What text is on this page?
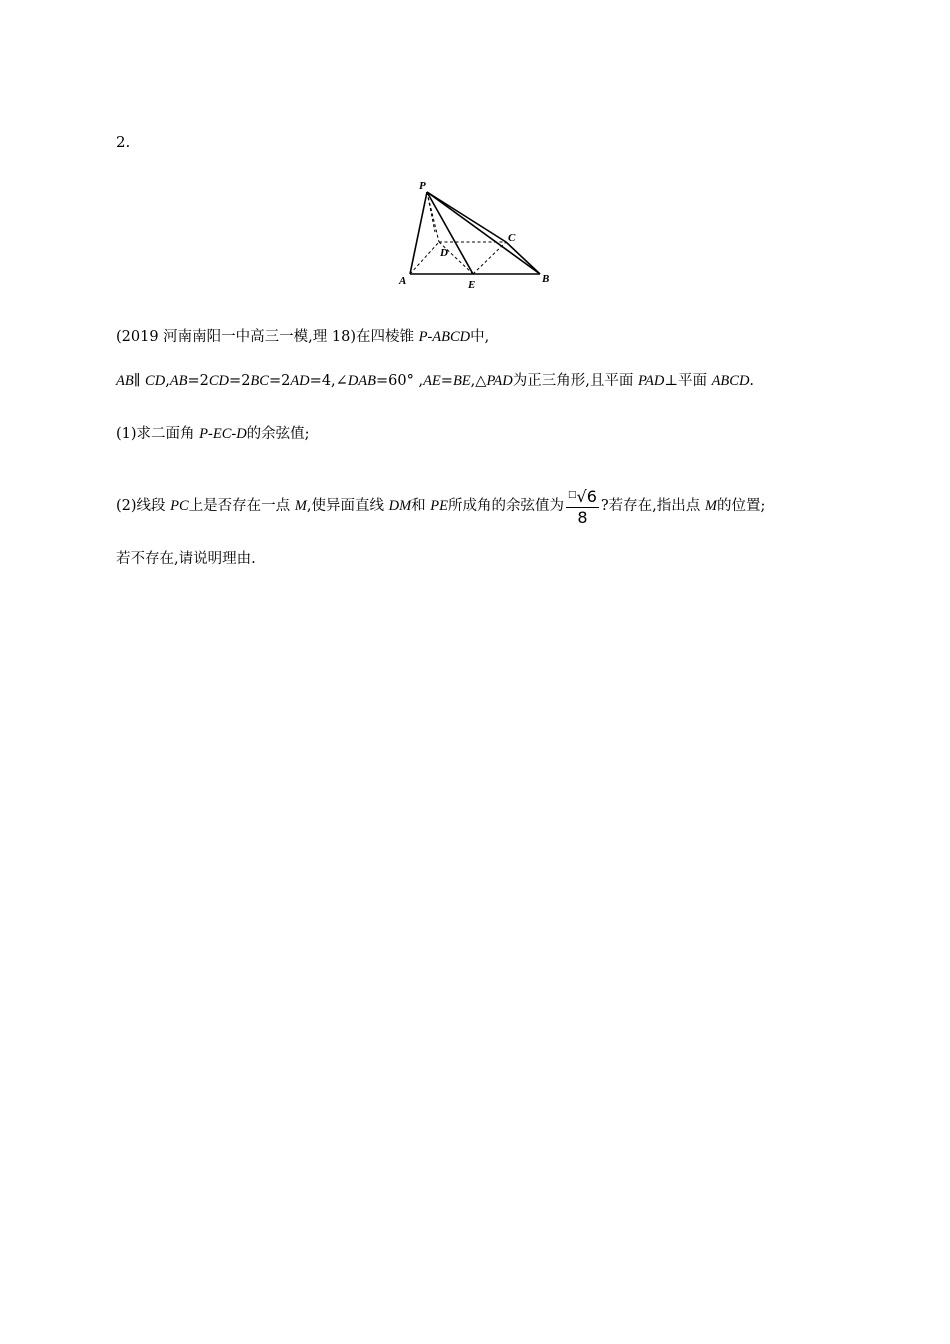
2.
P
A	B
C
D
E
(2019 河南南阳一中高三一模,理 18)在四棱锥 P-ABCD中,
AB∥ CD,AB=2CD=2BC=2AD=4,∠DAB=60° ,AE=BE,△PAD为正三角形,且平面 PAD⊥平面 ABCD.
(1)求二面角 P-EC-D的余弦值;
(2)线段 PC上是否存在一点 M,使异面直线 DM和 PE所成角的余弦值为 $\frac{^□√6}{8}$ ?若存在,指出点 M的位置;
若不存在,请说明理由.
